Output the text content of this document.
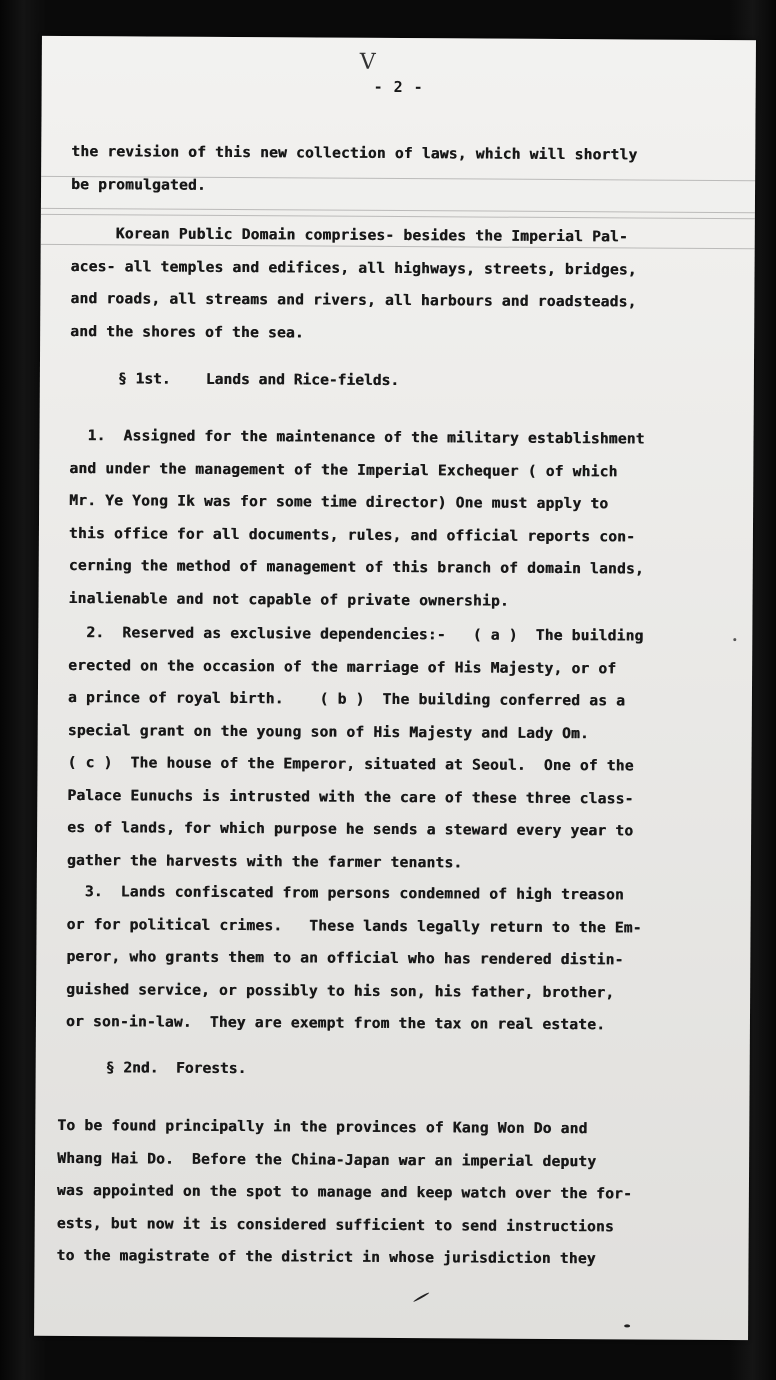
V
- 2 -
the revision of this new collection of laws, which will shortly
be promulgated.
Korean Public Domain comprises- besides the Imperial Pal-
aces- all temples and edifices, all highways, streets, bridges,
and roads, all streams and rivers, all harbours and roadsteads,
and the shores of the sea.
§ 1st.    Lands and Rice-fields.
1.  Assigned for the maintenance of the military establishment
and under the management of the Imperial Exchequer ( of which
Mr. Ye Yong Ik was for some time director) One must apply to
this office for all documents, rules, and official reports con-
cerning the method of management of this branch of domain lands,
inalienable and not capable of private ownership.
2.  Reserved as exclusive dependencies:-   ( a )  The building
erected on the occasion of the marriage of His Majesty, or of
a prince of royal birth.    ( b )  The building conferred as a
special grant on the young son of His Majesty and Lady Om.
( c )  The house of the Emperor, situated at Seoul.  One of the
Palace Eunuchs is intrusted with the care of these three class-
es of lands, for which purpose he sends a steward every year to
gather the harvests with the farmer tenants.
3.  Lands confiscated from persons condemned of high treason
or for political crimes.   These lands legally return to the Em-
peror, who grants them to an official who has rendered distin-
guished service, or possibly to his son, his father, brother,
or son-in-law.  They are exempt from the tax on real estate.
§ 2nd.  Forests.
To be found principally in the provinces of Kang Won Do and
Whang Hai Do.  Before the China-Japan war an imperial deputy
was appointed on the spot to manage and keep watch over the for-
ests, but now it is considered sufficient to send instructions
to the magistrate of the district in whose jurisdiction they
